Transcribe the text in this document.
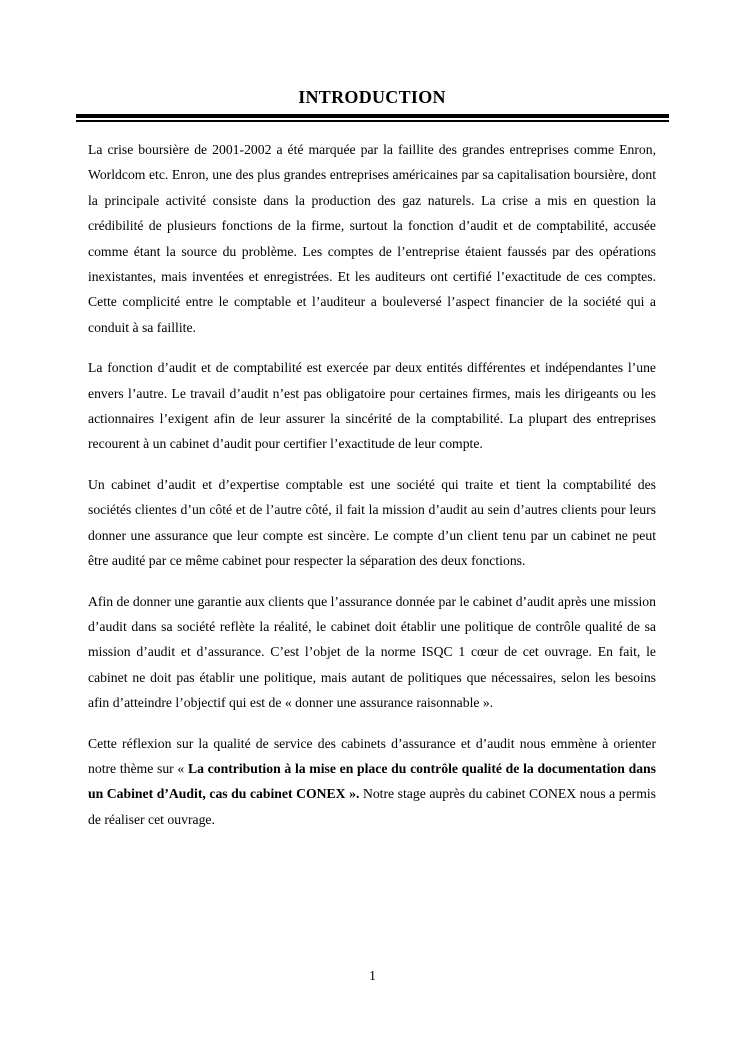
INTRODUCTION

La crise boursière de 2001-2002 a été marquée par la faillite des grandes entreprises comme Enron, Worldcom etc. Enron, une des plus grandes entreprises américaines par sa capitalisation boursière, dont la principale activité consiste dans la production des gaz naturels. La crise a mis en question la crédibilité de plusieurs fonctions de la firme, surtout la fonction d’audit et de comptabilité, accusée comme étant la source du problème. Les comptes de l’entreprise étaient faussés par des opérations inexistantes, mais inventées et enregistrées. Et les auditeurs ont certifié l’exactitude de ces comptes. Cette complicité entre le comptable et l’auditeur a bouleversé l’aspect financier de la société qui a conduit à sa faillite.

La fonction d’audit et de comptabilité est exercée par deux entités différentes et indépendantes l’une envers l’autre. Le travail d’audit n’est pas obligatoire pour certaines firmes, mais les dirigeants ou les actionnaires l’exigent afin de leur assurer la sincérité de la comptabilité. La plupart des entreprises recourent à un cabinet d’audit pour certifier l’exactitude de leur compte.

Un cabinet d’audit et d’expertise comptable est une société qui traite et tient la comptabilité des sociétés clientes d’un côté et de l’autre côté, il fait la mission d’audit au sein d’autres clients pour leurs donner une assurance que leur compte est sincère. Le compte d’un client tenu par un cabinet ne peut être audité par ce même cabinet pour respecter la séparation des deux fonctions.

Afin de donner une garantie aux clients que l’assurance donnée par le cabinet d’audit après une mission d’audit dans sa société reflète la réalité, le cabinet doit établir une politique de contrôle qualité de sa mission d’audit et d’assurance. C’est l’objet de la norme ISQC 1 cœur de cet ouvrage. En fait, le cabinet ne doit pas établir une politique, mais autant de politiques que nécessaires, selon les besoins afin d’atteindre l’objectif qui est de « donner une assurance raisonnable ».

Cette réflexion sur la qualité de service des cabinets d’assurance et d’audit nous emmène à orienter notre thème sur « La contribution à la mise en place du contrôle qualité de la documentation dans un Cabinet d’Audit, cas du cabinet CONEX ». Notre stage auprès du cabinet CONEX nous a permis de réaliser cet ouvrage.

1
